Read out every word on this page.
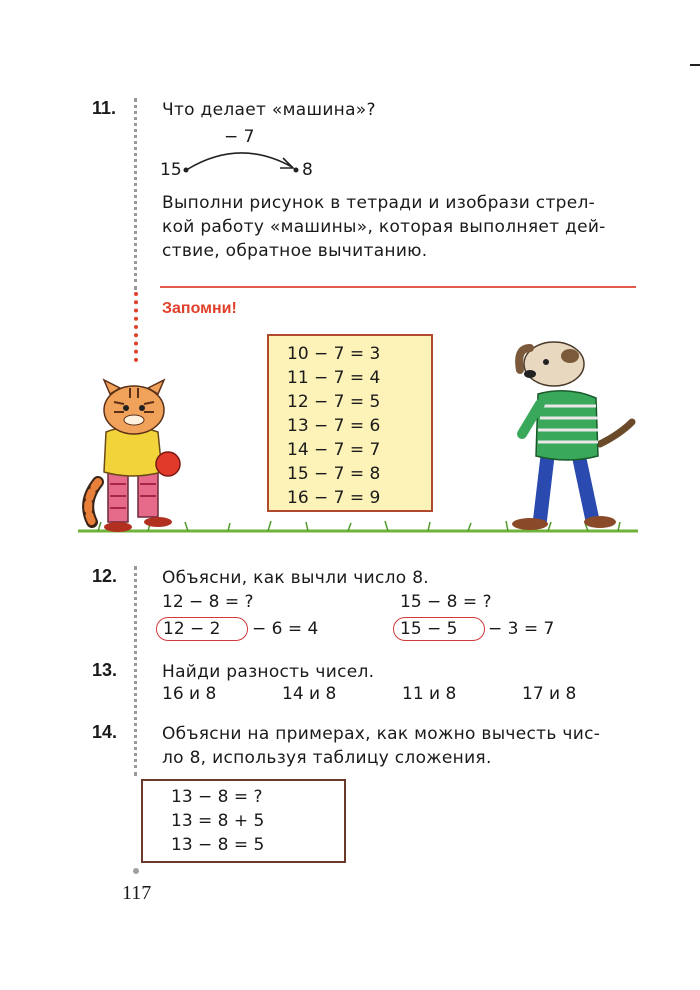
11.	Что делает «машина»?
− 7
15	8
Выполни рисунок в тетради и изобрази стрел-
кой работу «машины», которая выполняет дей-
ствие, обратное вычитанию.
Запомни!
10 − 7 = 3
11 − 7 = 4
12 − 7 = 5
13 − 7 = 6
14 − 7 = 7
15 − 7 = 8
16 − 7 = 9
12.	Объясни, как вычли число 8.
12 − 8 = ?	15 − 8 = ?
12 − 2 − 6 = 4	15 − 5 − 3 = 7
13.	Найди разность чисел.
16 и 8	14 и 8	11 и 8	17 и 8
14.	Объясни на примерах, как можно вычесть чис-
ло 8, используя таблицу сложения.
13 − 8 = ?
13 = 8 + 5
13 − 8 = 5
117
